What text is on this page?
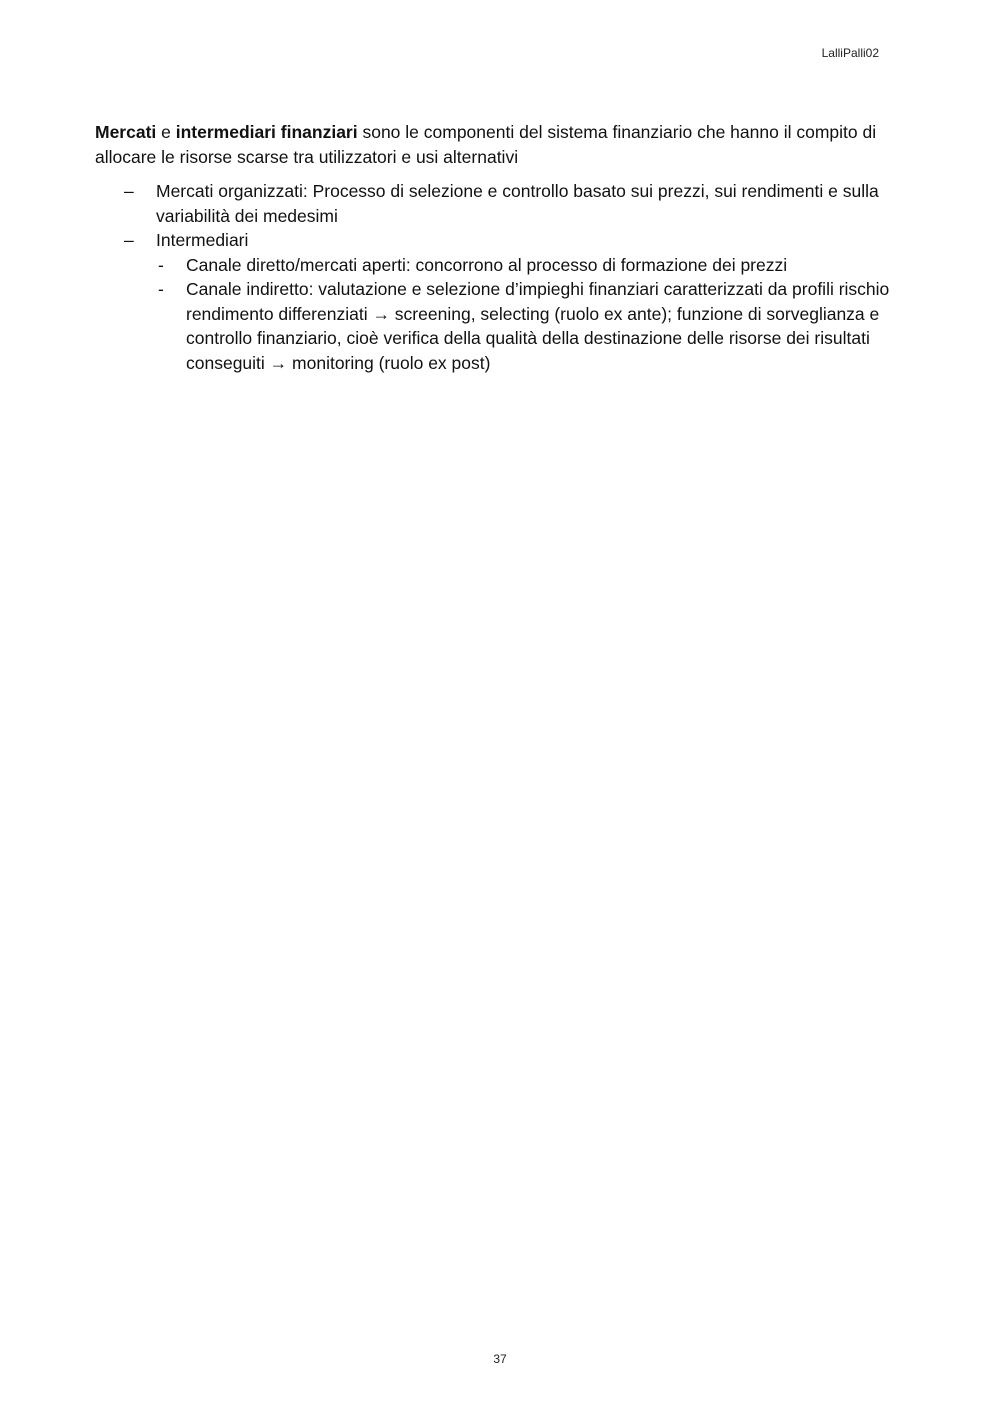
LalliPalli02

Mercati e intermediari finanziari sono le componenti del sistema finanziario che hanno il compito di allocare le risorse scarse tra utilizzatori e usi alternativi

– Mercati organizzati: Processo di selezione e controllo basato sui prezzi, sui rendimenti e sulla variabilità dei medesimi
– Intermediari
- Canale diretto/mercati aperti: concorrono al processo di formazione dei prezzi
- Canale indiretto: valutazione e selezione d’impieghi finanziari caratterizzati da profili rischio rendimento differenziati → screening, selecting (ruolo ex ante); funzione di sorveglianza e controllo finanziario, cioè verifica della qualità della destinazione delle risorse dei risultati conseguiti → monitoring (ruolo ex post)
37
